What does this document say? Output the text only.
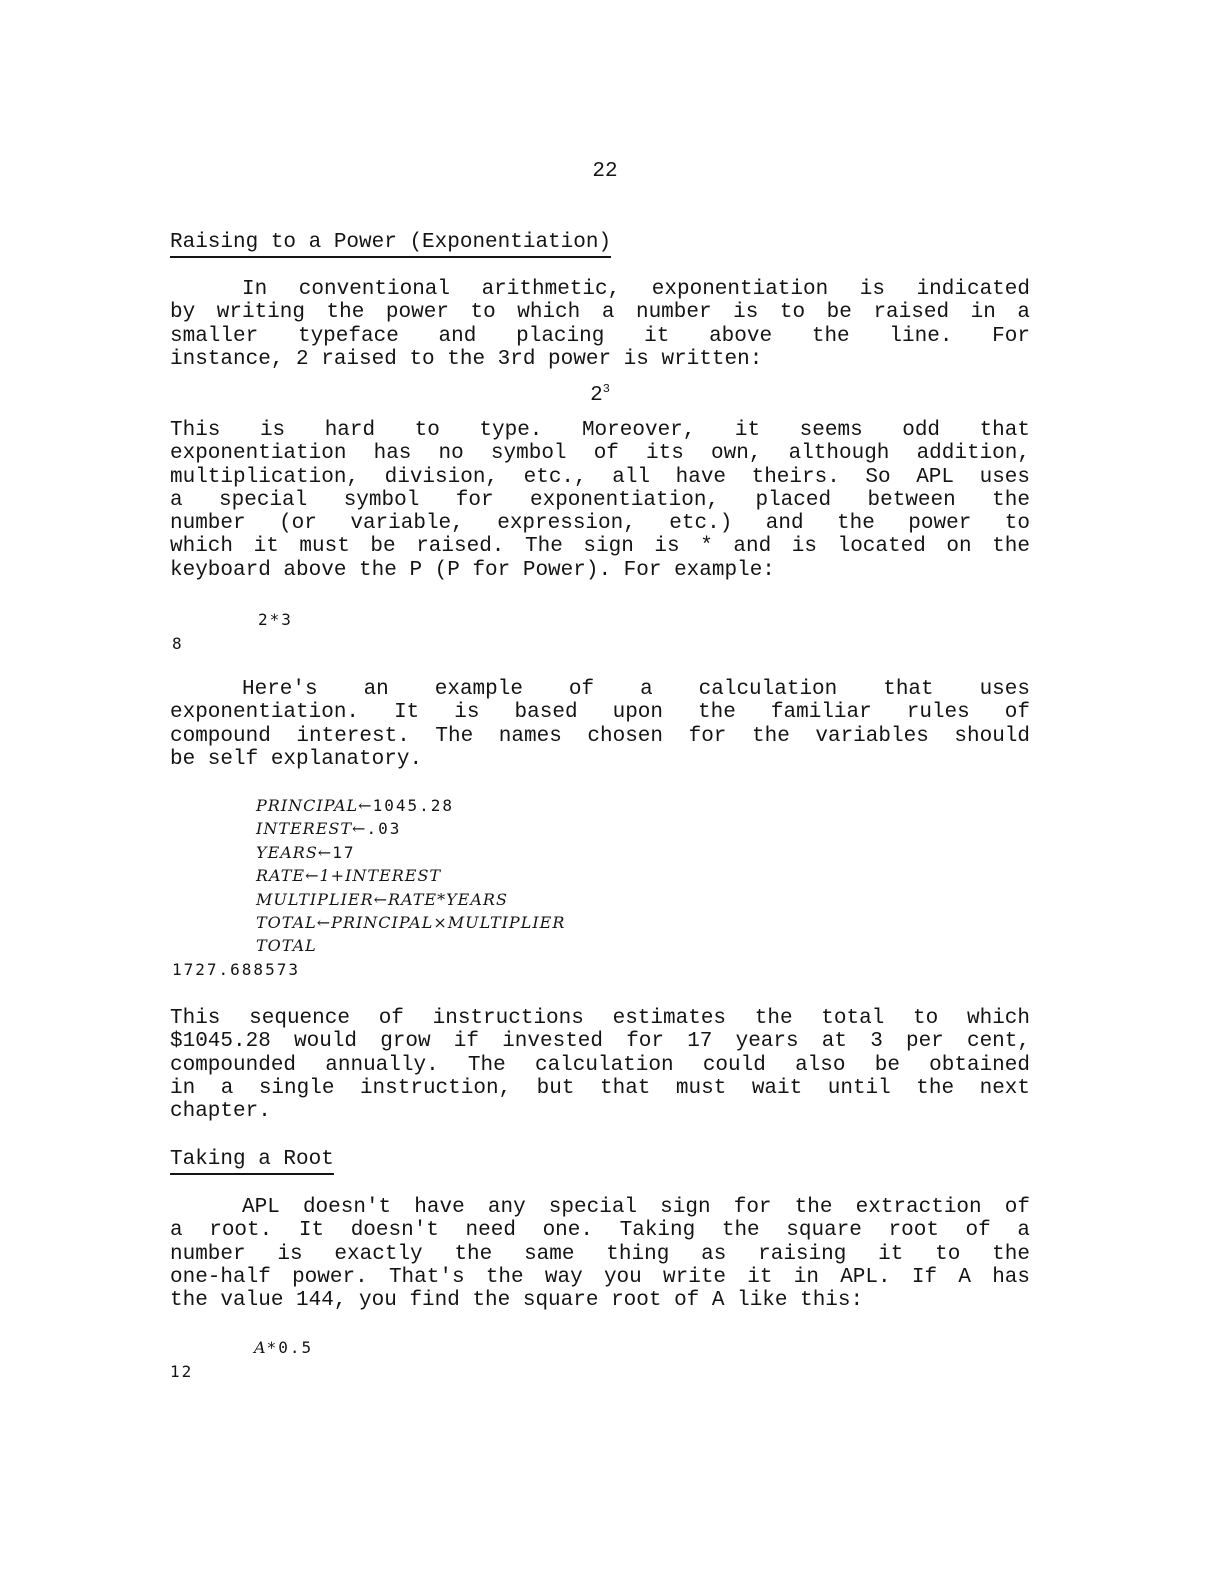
22
Raising to a Power (Exponentiation)
In conventional arithmetic, exponentiation is indicated
by writing the power to which a number is to be raised in a
smaller typeface and placing it above the line. For
instance, 2 raised to the 3rd power is written:
$2^3$
This is hard to type. Moreover, it seems odd that
exponentiation has no symbol of its own, although addition,
multiplication, division, etc., all have theirs. So APL uses
a special symbol for exponentiation, placed between the
number (or variable, expression, etc.) and the power to
which it must be raised. The sign is * and is located on the
keyboard above the P (P for Power). For example:
2*3
8
Here's an example of a calculation that uses
exponentiation. It is based upon the familiar rules of
compound interest. The names chosen for the variables should
be self explanatory.
PRINCIPAL←1045.28
INTEREST←.03
YEARS←17
RATE←1+INTEREST
MULTIPLIER←RATE*YEARS
TOTAL←PRINCIPAL×MULTIPLIER
TOTAL
1727.688573
This sequence of instructions estimates the total to which
$1045.28 would grow if invested for 17 years at 3 per cent,
compounded annually. The calculation could also be obtained
in a single instruction, but that must wait until the next
chapter.
Taking a Root
APL doesn't have any special sign for the extraction of
a root. It doesn't need one. Taking the square root of a
number is exactly the same thing as raising it to the
one-half power. That's the way you write it in APL. If A has
the value 144, you find the square root of A like this:
A*0.5
12
